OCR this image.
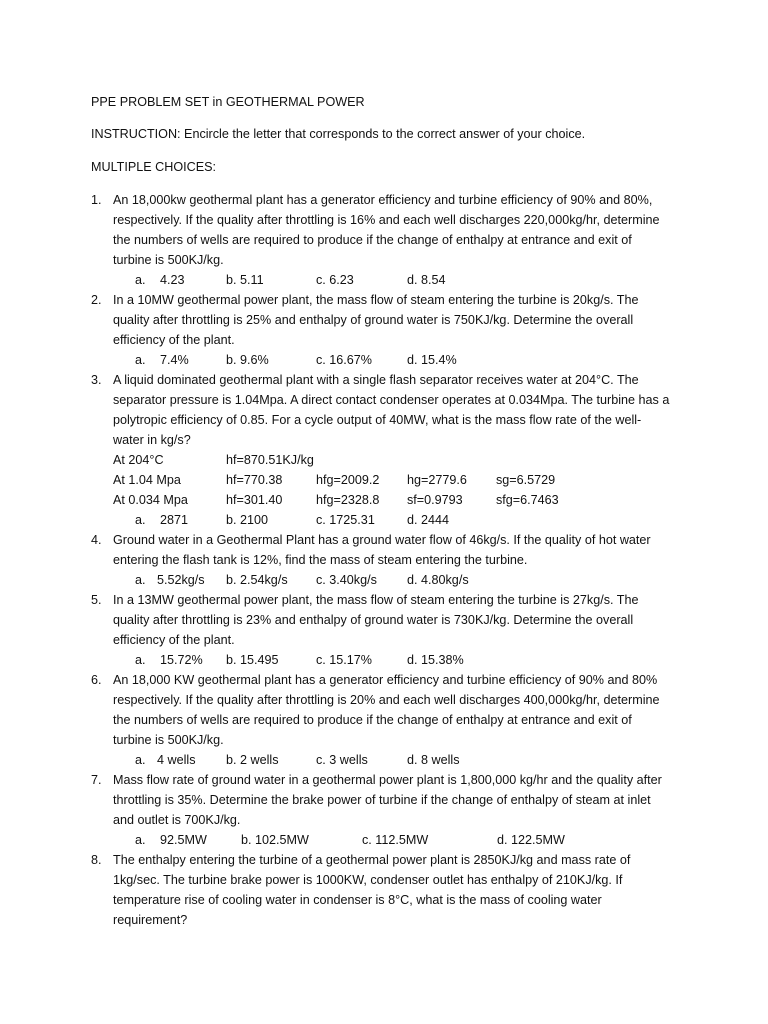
PPE PROBLEM SET in GEOTHERMAL POWER
INSTRUCTION: Encircle the letter that corresponds to the correct answer of your choice.
MULTIPLE CHOICES:
1. An 18,000kw geothermal plant has a generator efficiency and turbine efficiency of 90% and 80%,
respectively. If the quality after throttling is 16% and each well discharges 220,000kg/hr, determine
the numbers of wells are required to produce if the change of enthalpy at entrance and exit of
turbine is 500KJ/kg.
a. 4.23	b. 5.11	c. 6.23	d. 8.54
2. In a 10MW geothermal power plant, the mass flow of steam entering the turbine is 20kg/s. The
quality after throttling is 25% and enthalpy of ground water is 750KJ/kg. Determine the overall
efficiency of the plant.
a. 7.4%	b. 9.6%	c. 16.67%	d. 15.4%
3. A liquid dominated geothermal plant with a single flash separator receives water at 204°C. The
separator pressure is 1.04Mpa. A direct contact condenser operates at 0.034Mpa. The turbine has a
polytropic efficiency of 0.85. For a cycle output of 40MW, what is the mass flow rate of the well-
water in kg/s?
At 204°C	hf=870.51KJ/kg
At 1.04 Mpa	hf=770.38	hfg=2009.2 hg=2779.6 sg=6.5729
At 0.034 Mpa	hf=301.40	hfg=2328.8 sf=0.9793	sfg=6.7463
a. 2871	b. 2100	c. 1725.31	d. 2444
4. Ground water in a Geothermal Plant has a ground water flow of 46kg/s. If the quality of hot water
entering the flash tank is 12%, find the mass of steam entering the turbine.
a. 5.52kg/s b. 2.54kg/s c. 3.40kg/s d. 4.80kg/s
5. In a 13MW geothermal power plant, the mass flow of steam entering the turbine is 27kg/s. The
quality after throttling is 23% and enthalpy of ground water is 730KJ/kg. Determine the overall
efficiency of the plant.
a. 15.72% b. 15.495	c. 15.17%	d. 15.38%
6. An 18,000 KW geothermal plant has a generator efficiency and turbine efficiency of 90% and 80%
respectively. If the quality after throttling is 20% and each well discharges 400,000kg/hr, determine
the numbers of wells are required to produce if the change of enthalpy at entrance and exit of
turbine is 500KJ/kg.
a. 4 wells b. 2 wells	c. 3 wells	d. 8 wells
7. Mass flow rate of ground water in a geothermal power plant is 1,800,000 kg/hr and the quality after
throttling is 35%. Determine the brake power of turbine if the change of enthalpy of steam at inlet
and outlet is 700KJ/kg.
a. 92.5MW	b. 102.5MW	c. 112.5MW	d. 122.5MW
8. The enthalpy entering the turbine of a geothermal power plant is 2850KJ/kg and mass rate of
1kg/sec. The turbine brake power is 1000KW, condenser outlet has enthalpy of 210KJ/kg. If
temperature rise of cooling water in condenser is 8°C, what is the mass of cooling water
requirement?
